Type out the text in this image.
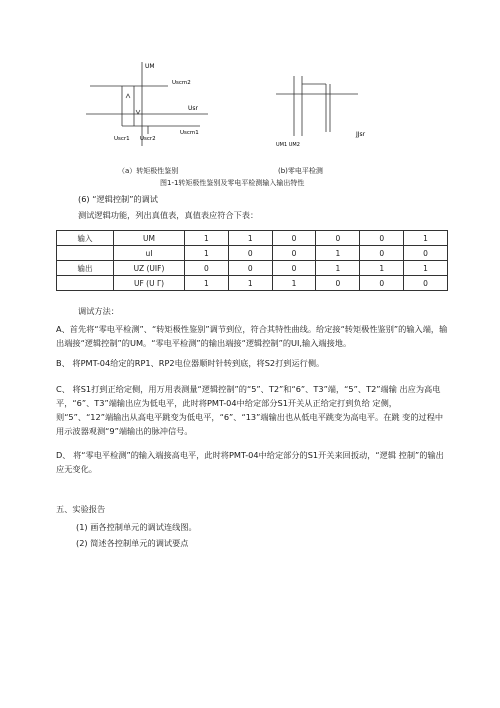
UM
Uscm2
Usr
Uscr1 Uscr2
Uscm1
UM1 UM2
JJsr
（a）转矩极性鉴别	(b)零电平检测
图1-1转矩极性鉴别及零电平检测输入输出特性
(6) “逻辑控制”的调试
测试逻辑功能，列出真值表，真值表应符合下表：
输入	UM	1	1	0	0	0	1
	uI	1	0	0	1	0	0
输出	UZ (UIF)	0	0	0	1	1	1
	UF (U Γ)	1	1	1	0	0	0
调试方法：
A、首先将“零电平检测”、“转矩极性鉴别”调节到位，符合其特性曲线。给定接“转矩极性鉴别”的输入端，输出端接“逻辑控制”的UM。“零电平检测”的输出端接“逻辑控制”的UI,输入端接地。
B、 将PMT-04给定的RP1、RP2电位器顺时针转到底，将S2打到运行侧。
C、 将S1打到正给定侧，用万用表测量“逻辑控制”的“5”、T2”和“6”、T3”端，“5”、T2”端输 出应为高电平，“6”、T3”端输出应为低电平，此时将PMT-04中给定部分S1开关从正给定打到负给 定侧，则“5”、“12”端输出从高电平跳变为低电平，“6”、“13”端输出也从低电平跳变为高电平。在跳 变的过程中用示波器观测“9”端输出的脉冲信号。
D、 将“零电平检测”的输入端接高电平，此时将PMT-04中给定部分的S1开关来回扳动，“逻辑 控制”的输出应无变化。
五、实验报告
(1) 画各控制单元的调试连线图。
(2) 简述各控制单元的调试要点
